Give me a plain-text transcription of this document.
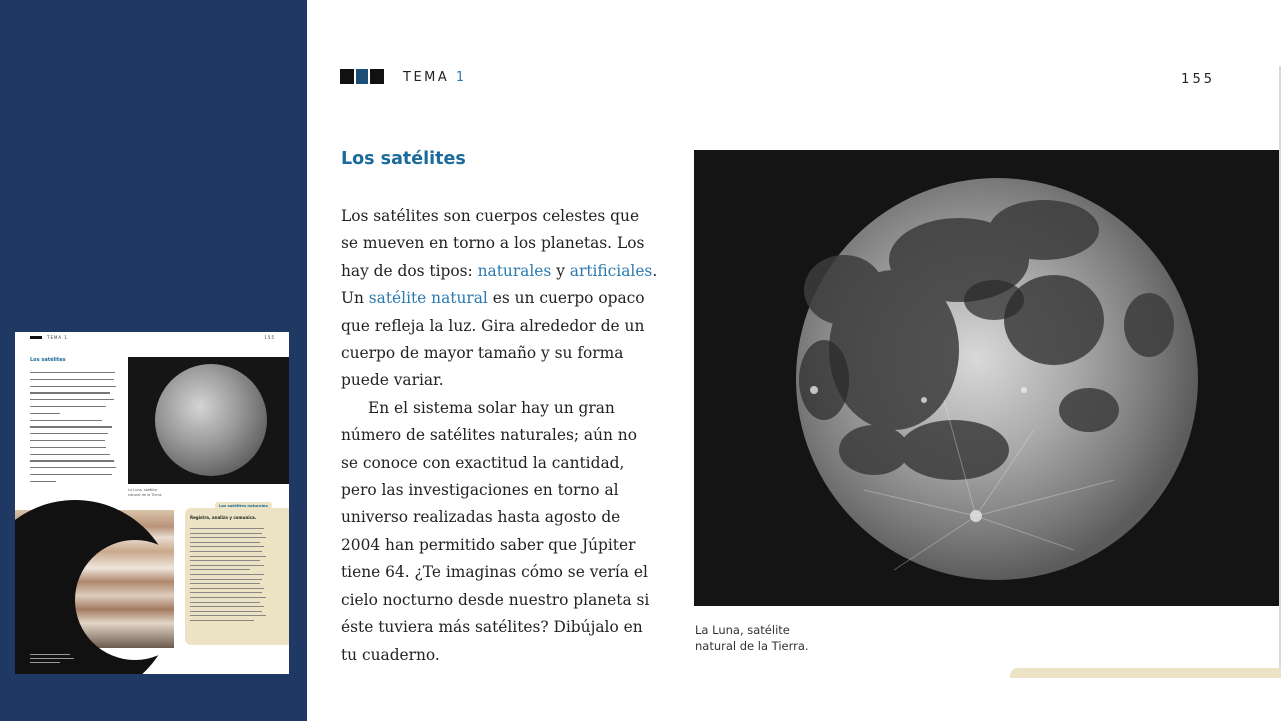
TEMA 1	155
Los satélites
La Luna, satélite
natural de la Tierra.
Los satélites naturales
Registra, analiza y comunica.
TEMA 1	155
Los satélites

Los satélites son cuerpos celestes que

se mueven en torno a los planetas. Los

hay de dos tipos: naturales y artificiales.

Un satélite natural es un cuerpo opaco

que refleja la luz. Gira alrededor de un

cuerpo de mayor tamaño y su forma

puede variar.

En el sistema solar hay un gran

número de satélites naturales; aún no

se conoce con exactitud la cantidad,

pero las investigaciones en torno al

universo realizadas hasta agosto de

2004 han permitido saber que Júpiter

tiene 64. ¿Te imaginas cómo se vería el

cielo nocturno desde nuestro planeta si

éste tuviera más satélites? Dibújalo en

tu cuaderno.

La Luna, satélite
natural de la Tierra.
